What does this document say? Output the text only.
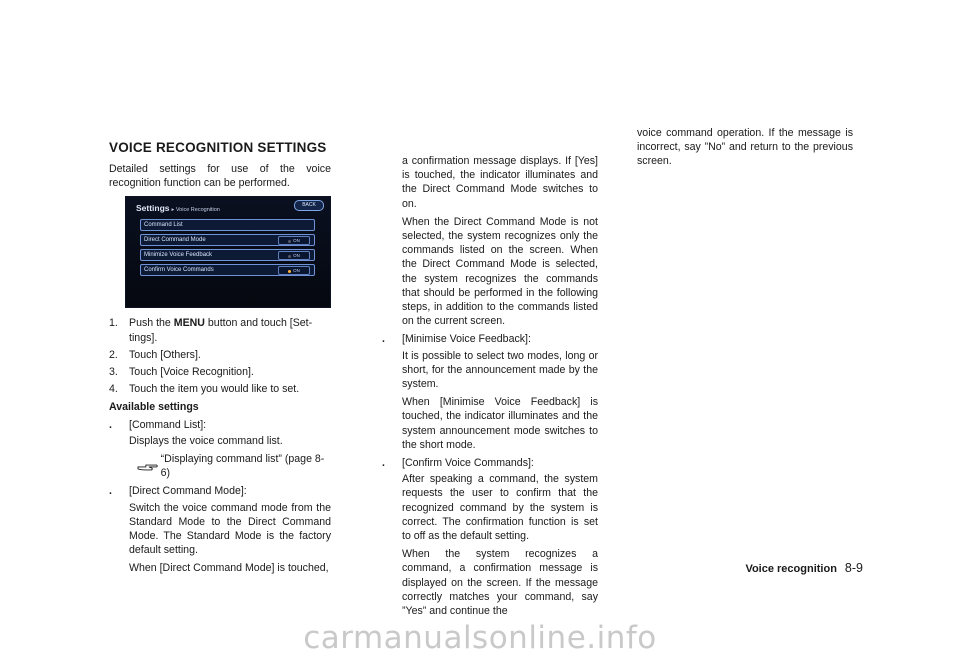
VOICE RECOGNITION SETTINGS

Detailed settings for use of the voice recognition function can be performed.

Settings ▸ Voice Recognition
BACK
Command List
Direct Command Mode	ON
Minimize Voice Feedback	ON
Confirm Voice Commands	ON
1.	Push the MENU button and touch [Set-tings].
2.	Touch [Others].
3.	Touch [Voice Recognition].
4.	Touch the item you would like to set.
Available settings
.	[Command List]:

Displays the voice command list.

“Displaying command list” (page 8-6)
.	[Direct Command Mode]:

Switch the voice command mode from the Standard Mode to the Direct Command Mode. The Standard Mode is the factory default setting.

When [Direct Command Mode] is touched,

a confirmation message displays. If [Yes] is touched, the indicator illuminates and the Direct Command Mode switches to on.

When the Direct Command Mode is not selected, the system recognizes only the commands listed on the screen. When the Direct Command Mode is selected, the system recognizes the commands that should be performed in the following steps, in addition to the commands listed on the current screen.

.	[Minimise Voice Feedback]:

It is possible to select two modes, long or short, for the announcement made by the system.

When [Minimise Voice Feedback] is touched, the indicator illuminates and the system announcement mode switches to the short mode.

.	[Confirm Voice Commands]:

After speaking a command, the system requests the user to confirm that the recognized command by the system is correct. The confirmation function is set to off as the default setting.

When the system recognizes a command, a confirmation message is displayed on the screen. If the message correctly matches your command, say ”Yes” and continue the

voice command operation. If the message is incorrect, say ”No” and return to the previous screen.

Voice recognition 8-9
carmanualsonline.info
